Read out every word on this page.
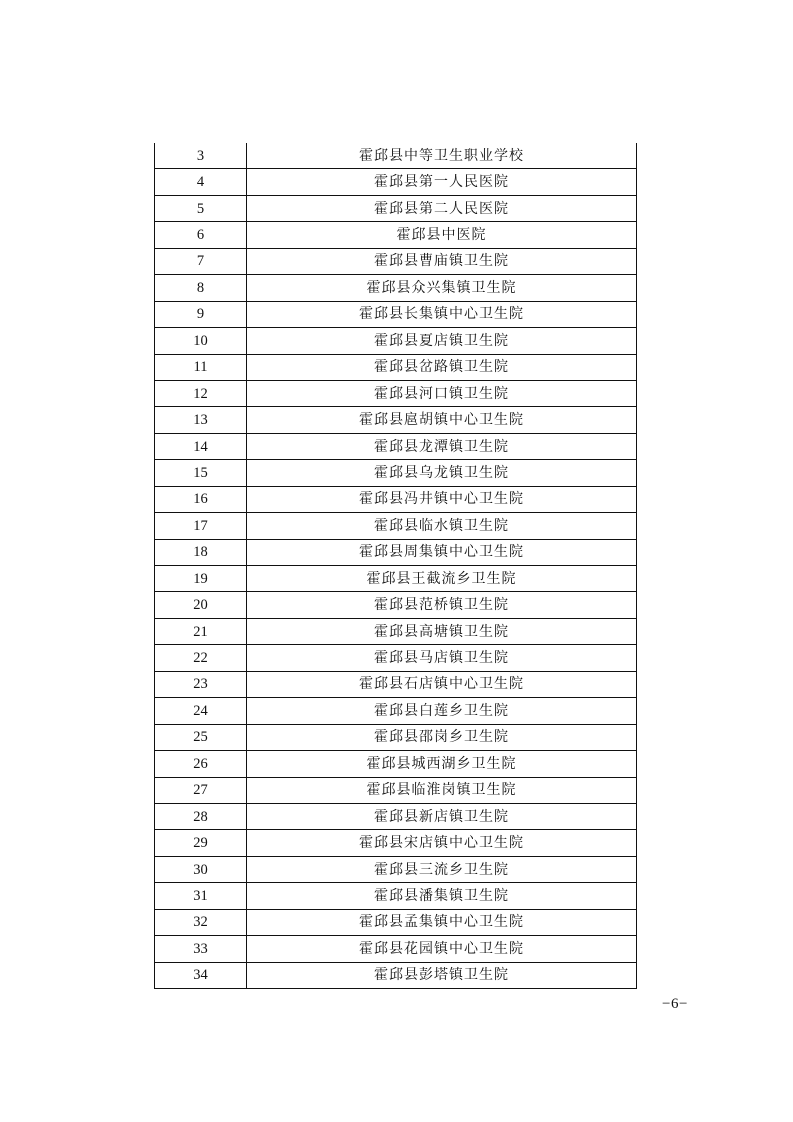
3	霍邱县中等卫生职业学校
4	霍邱县第一人民医院
5	霍邱县第二人民医院
6	霍邱县中医院
7	霍邱县曹庙镇卫生院
8	霍邱县众兴集镇卫生院
9	霍邱县长集镇中心卫生院
10	霍邱县夏店镇卫生院
11	霍邱县岔路镇卫生院
12	霍邱县河口镇卫生院
13	霍邱县扈胡镇中心卫生院
14	霍邱县龙潭镇卫生院
15	霍邱县乌龙镇卫生院
16	霍邱县冯井镇中心卫生院
17	霍邱县临水镇卫生院
18	霍邱县周集镇中心卫生院
19	霍邱县王截流乡卫生院
20	霍邱县范桥镇卫生院
21	霍邱县高塘镇卫生院
22	霍邱县马店镇卫生院
23	霍邱县石店镇中心卫生院
24	霍邱县白莲乡卫生院
25	霍邱县邵岗乡卫生院
26	霍邱县城西湖乡卫生院
27	霍邱县临淮岗镇卫生院
28	霍邱县新店镇卫生院
29	霍邱县宋店镇中心卫生院
30	霍邱县三流乡卫生院
31	霍邱县潘集镇卫生院
32	霍邱县孟集镇中心卫生院
33	霍邱县花园镇中心卫生院
34	霍邱县彭塔镇卫生院
−6−
